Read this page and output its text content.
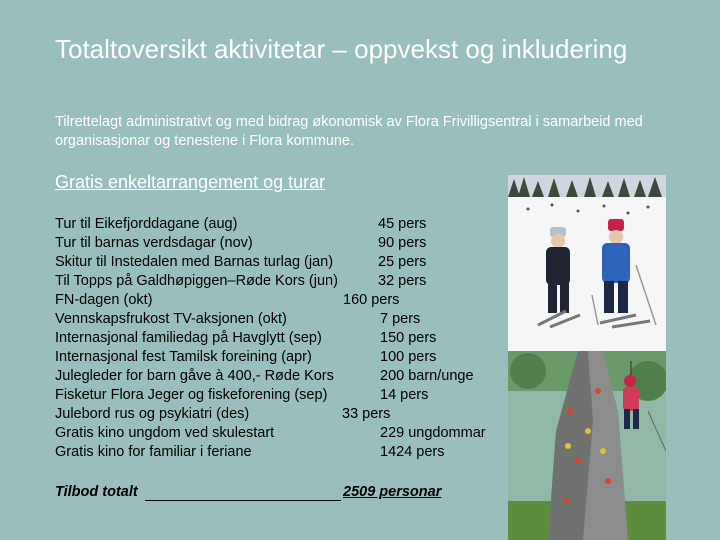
Totaltoversikt aktivitetar – oppvekst og inkludering
Tilrettelagt administrativt og med bidrag økonomisk av Flora Frivilligsentral i samarbeid med organisasjonar og tenestene i Flora kommune.
Gratis enkeltarrangement og turar
Tur til Eikefjorddagane (aug)	45 pers
Tur til barnas verdsdagar (nov)	90 pers
Skitur til Instedalen med Barnas turlag (jan)	25 pers
Til Topps på Galdhøpiggen–Røde Kors (jun)	32 pers
FN-dagen (okt)	160 pers
Vennskapsfrukost TV-aksjonen (okt)	7 pers
Internasjonal familiedag på Havglytt (sep)	150 pers
Internasjonal fest Tamilsk foreining (apr)	100 pers
Julegleder for barn gåve à 400,- Røde Kors	200 barn/unge
Fisketur Flora Jeger og fiskeforening (sep)	14 pers
Julebord rus og psykiatri (des)	33 pers
Gratis kino ungdom ved skulestart	229 ungdommar
Gratis kino for familiar i feriane	1424 pers
Tilbod totalt	2509 personar
